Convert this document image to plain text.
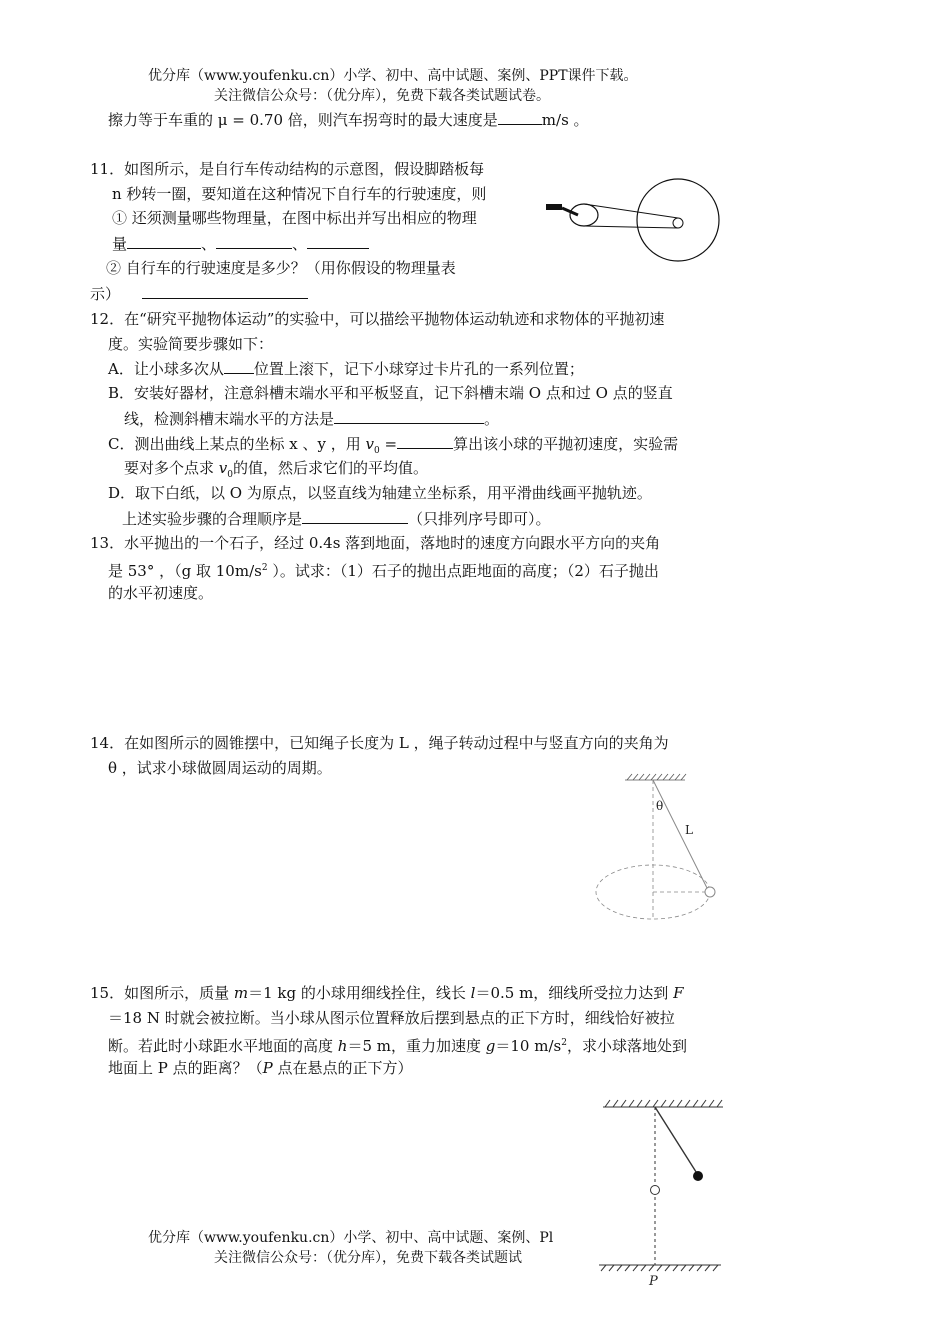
优分库（www.youfenku.cn）小学、初中、高中试题、案例、PPT课件下载。
关注微信公众号：（优分库），免费下载各类试题试卷。
擦力等于车重的 μ = 0.70 倍，则汽车拐弯时的最大速度是	m/s 。
11．如图所示，是自行车传动结构的示意图，假设脚踏板每
n 秒转一圈，要知道在这种情况下自行车的行驶速度，则
① 还须测量哪些物理量，在图中标出并写出相应的物理
量	、	、
② 自行车的行驶速度是多少？（用你假设的物理量表
示）
12．在“研究平抛物体运动”的实验中，可以描绘平抛物体运动轨迹和求物体的平抛初速
度。实验简要步骤如下：
A．让小球多次从 位置上滚下，记下小球穿过卡片孔的一系列位置；
B．安装好器材，注意斜槽末端水平和平板竖直，记下斜槽末端 O 点和过 O 点的竖直
线，检测斜槽末端水平的方法是	。
C．测出曲线上某点的坐标 x 、y ，用 $v_0$ =	算出该小球的平抛初速度，实验需
要对多个点求 $v_0$的值，然后求它们的平均值。
D．取下白纸，以 O 为原点，以竖直线为轴建立坐标系，用平滑曲线画平抛轨迹。
上述实验步骤的合理顺序是	（只排列序号即可）。
13．水平抛出的一个石子，经过 0.4s 落到地面，落地时的速度方向跟水平方向的夹角
是 53° ，（g 取 $10m/s^2$ ）。试求：（1）石子的抛出点距地面的高度；（2）石子抛出
的水平初速度。
14．在如图所示的圆锥摆中，已知绳子长度为 L ，绳子转动过程中与竖直方向的夹角为
θ ，试求小球做圆周运动的周期。
θ
L
15．如图所示，质量 m＝1 kg 的小球用细线拴住，线长 l＝0.5 m，细线所受拉力达到 F
＝18 N 时就会被拉断。当小球从图示位置释放后摆到悬点的正下方时，细线恰好被拉
断。若此时小球距水平地面的高度 h＝5 m，重力加速度 g＝10 $m/s^2$，求小球落地处到
地面上 P 点的距离？（P 点在悬点的正下方）
P
优分库（www.youfenku.cn）小学、初中、高中试题、案例、Pl
关注微信公众号：（优分库），免费下载各类试题试
